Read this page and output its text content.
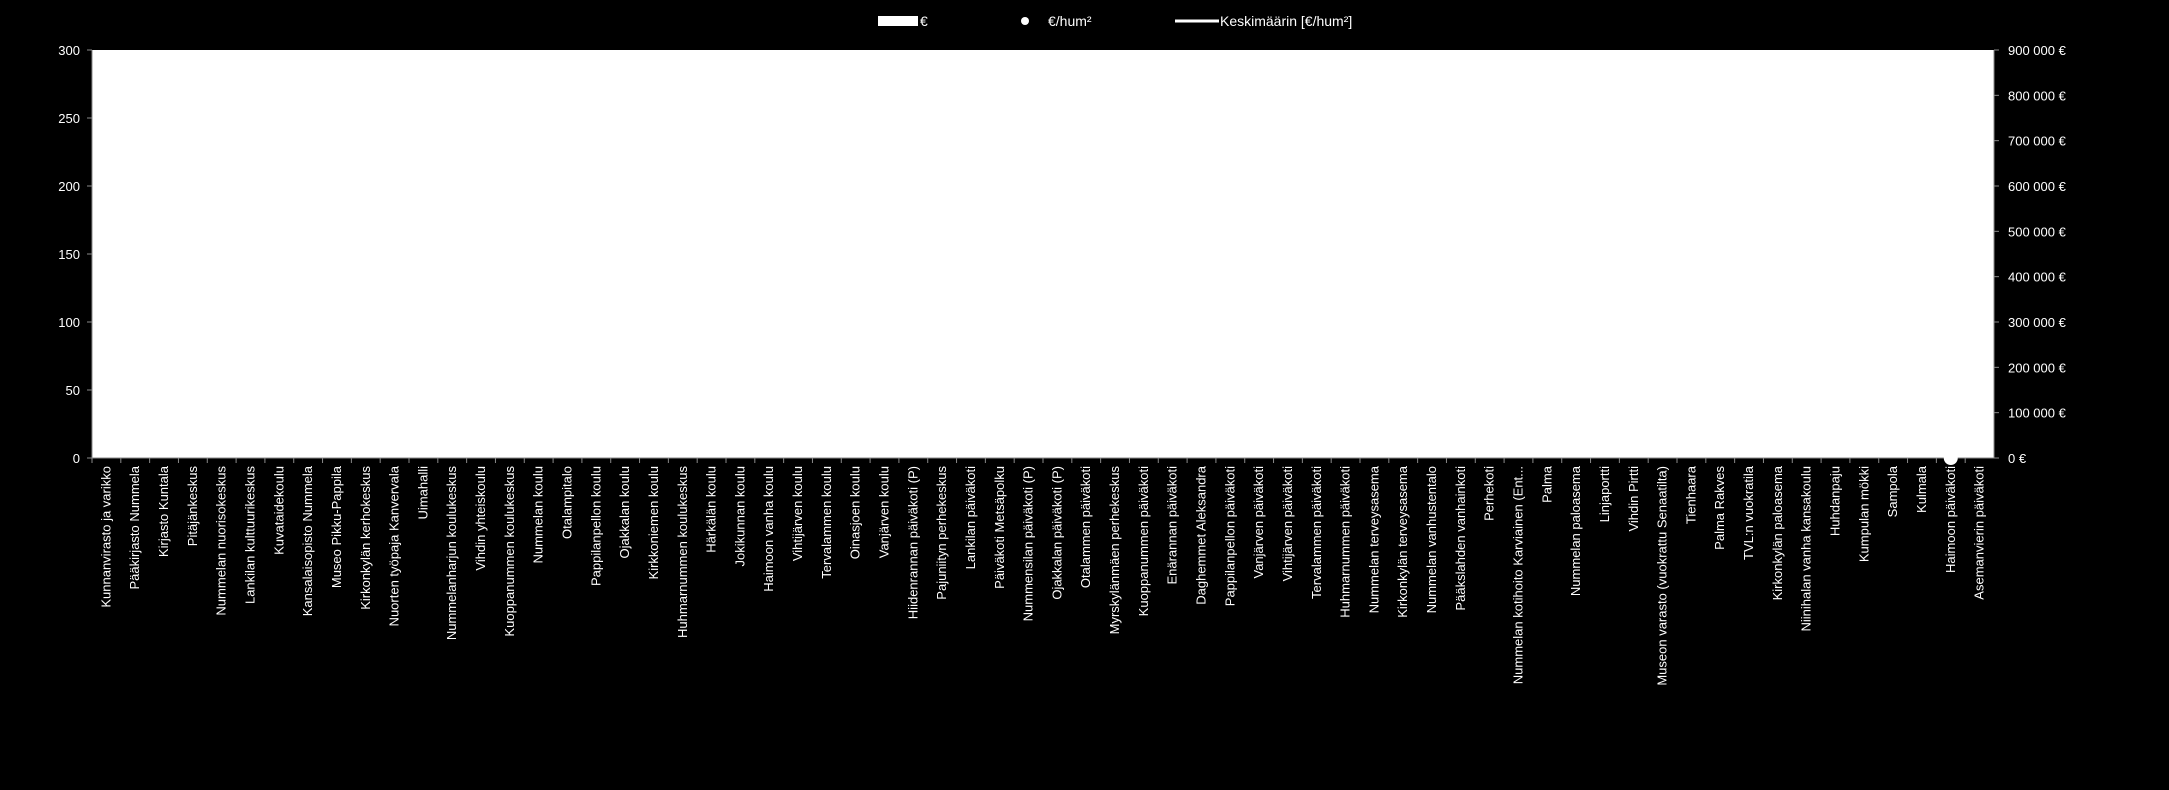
€	€/hum²	Keskimäärin [€/hum²]
0
50
100
150
200
250
300
0 €
100 000 €
200 000 €
300 000 €
400 000 €
500 000 €
600 000 €
700 000 €
800 000 €
900 000 €
Kunnanvirasto ja varikko Pääkirjasto Nummela Kirjasto Kuntala Pitäjänkeskus Nummelan nuorisokeskus Lankilan kulttuurikeskus Kuvataidekoulu Kansalaisopisto Nummela Museo Pikku-Pappila Kirkonkylän kerhokeskus Nuorten työpaja Kanvervala Uimahalli Nummelanharjun koulukeskus Vihdin yhteiskoulu Kuoppanummen koulukeskus Nummelan koulu Otalampitalo Pappilanpellon koulu Ojakkalan koulu Kirkkoniemen koulu Huhmarnummen koulukeskus Härkälän koulu Jokikunnan koulu Haimoon vanha koulu Vihtijärven koulu Tervalammen koulu Oinasjoen koulu Vanjärven koulu Hiidenrannan päiväkoti (P) Pajuniityn perhekeskus Lankilan päiväkoti Päiväkoti Metsäpolku Nummensilan päiväkoti (P) Ojakkalan päiväkoti (P) Otalammen päiväkoti Myrskylänmäen perhekeskus Kuoppanummen päiväkoti Enärannan päiväkoti Daghemmet Aleksandra Pappilanpellon päiväkoti Vanjärven päiväkoti Vihtijärven päiväkoti Tervalammen päiväkoti Huhmarnummen päiväkoti Nummelan terveysasema Kirkonkylän terveysasema Nummelan vanhustentalo Pääkslahden vanhainkoti Perhekoti Nummelan kotihoito Karviainen (Ent... Palma Nummelan paloasema Linjaportti Vihdin Pirtti Museon varasto (vuokrattu Senaatilta) Tienhaara Palma Rakves TVL:n vuokratila Kirkonkylän paloasema Niinihalan vanha kansakoulu Huhdanpaju Kumpulan mökki Sampola Kulmala Haimoon päiväkoti Asemanvierin päiväkoti
